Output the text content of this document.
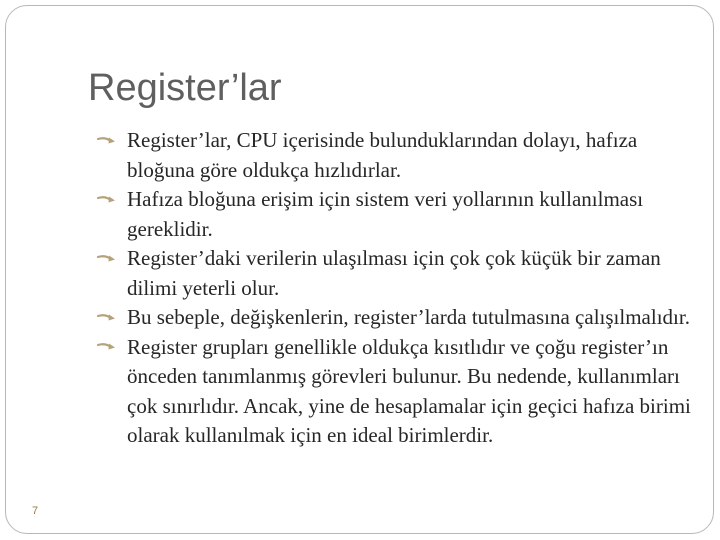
Register’lar

Register’lar, CPU içerisinde bulunduklarından dolayı, hafıza bloğuna göre oldukça hızlıdırlar.

Hafıza bloğuna erişim için sistem veri yollarının kullanılması gereklidir.

Register’daki verilerin ulaşılması için çok çok küçük bir zaman dilimi yeterli olur.

Bu sebeple, değişkenlerin, register’larda tutulmasına çalışılmalıdır.

Register grupları genellikle oldukça kısıtlıdır ve çoğu register’ın önceden tanımlanmış görevleri bulunur. Bu nedende, kullanımları çok sınırlıdır. Ancak, yine de hesaplamalar için geçici hafıza birimi olarak kullanılmak için en ideal birimlerdir.

7
